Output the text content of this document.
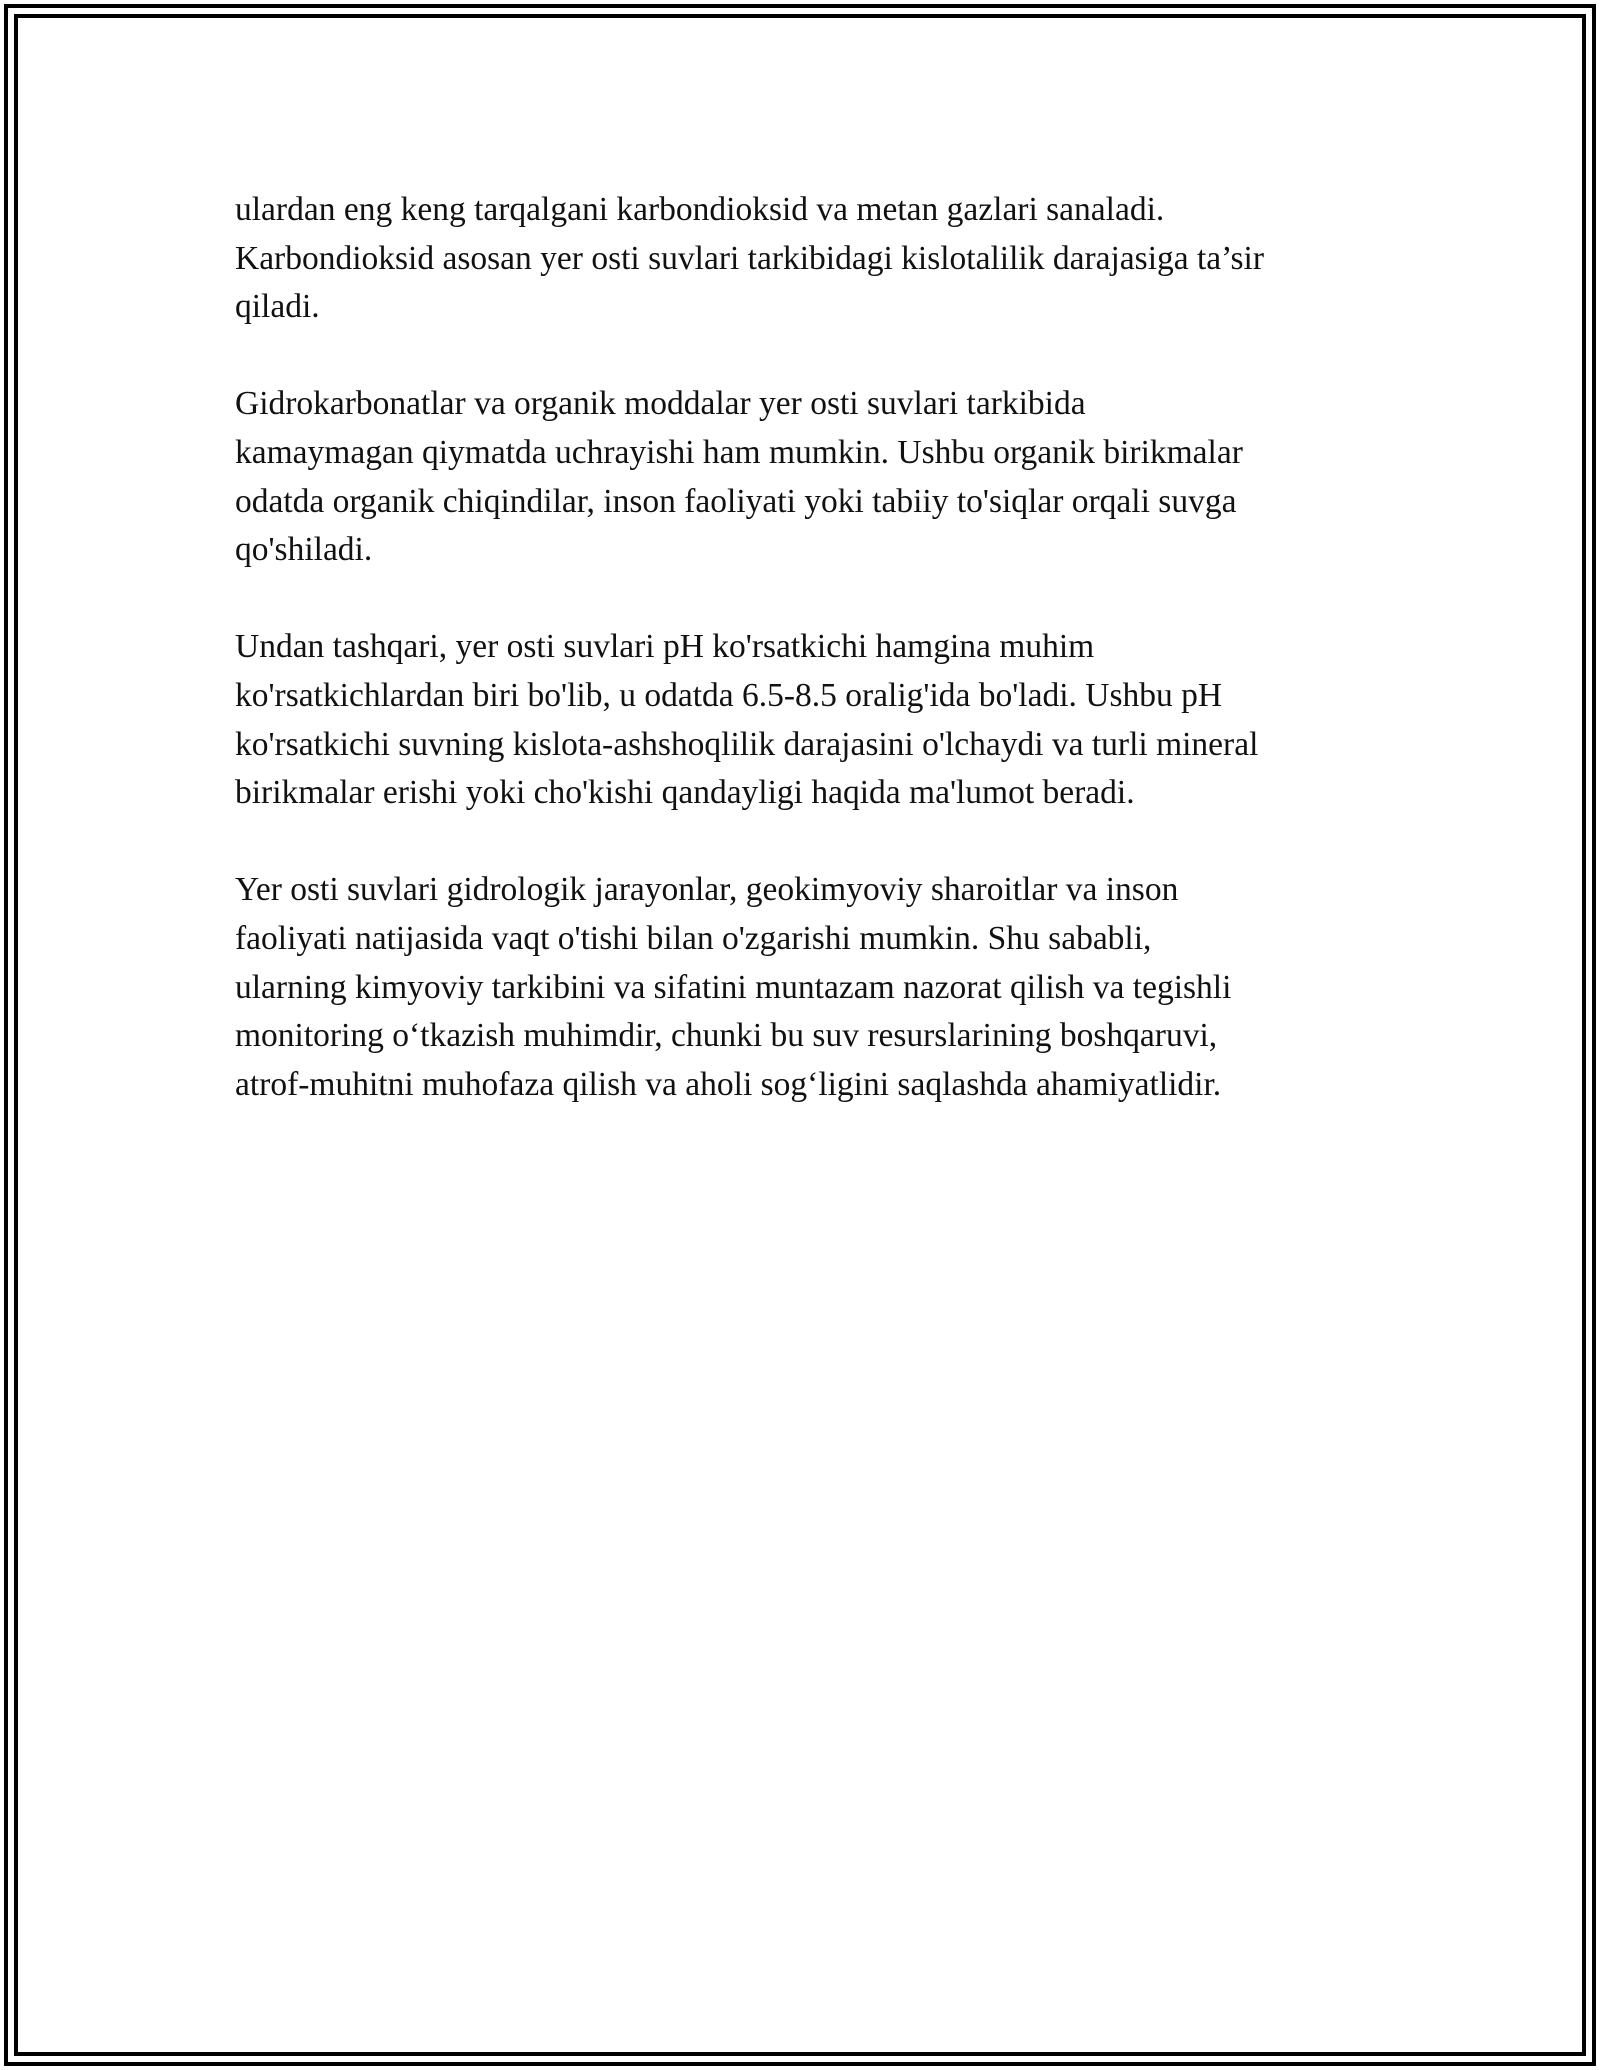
ulardan eng keng tarqalgani karbondioksid va metan gazlari sanaladi.
Karbondioksid asosan yer osti suvlari tarkibidagi kislotalilik darajasiga ta’sir
qiladi.

Gidrokarbonatlar va organik moddalar yer osti suvlari tarkibida
kamaymagan qiymatda uchrayishi ham mumkin. Ushbu organik birikmalar
odatda organik chiqindilar, inson faoliyati yoki tabiiy to'siqlar orqali suvga
qo'shiladi.

Undan tashqari, yer osti suvlari pH ko'rsatkichi hamgina muhim
ko'rsatkichlardan biri bo'lib, u odatda 6.5-8.5 oralig'ida bo'ladi. Ushbu pH
ko'rsatkichi suvning kislota-ashshoqlilik darajasini o'lchaydi va turli mineral
birikmalar erishi yoki cho'kishi qandayligi haqida ma'lumot beradi.

Yer osti suvlari gidrologik jarayonlar, geokimyoviy sharoitlar va inson
faoliyati natijasida vaqt o'tishi bilan o'zgarishi mumkin. Shu sababli,
ularning kimyoviy tarkibini va sifatini muntazam nazorat qilish va tegishli
monitoring o‘tkazish muhimdir, chunki bu suv resurslarining boshqaruvi,
atrof-muhitni muhofaza qilish va aholi sog‘ligini saqlashda ahamiyatlidir.
